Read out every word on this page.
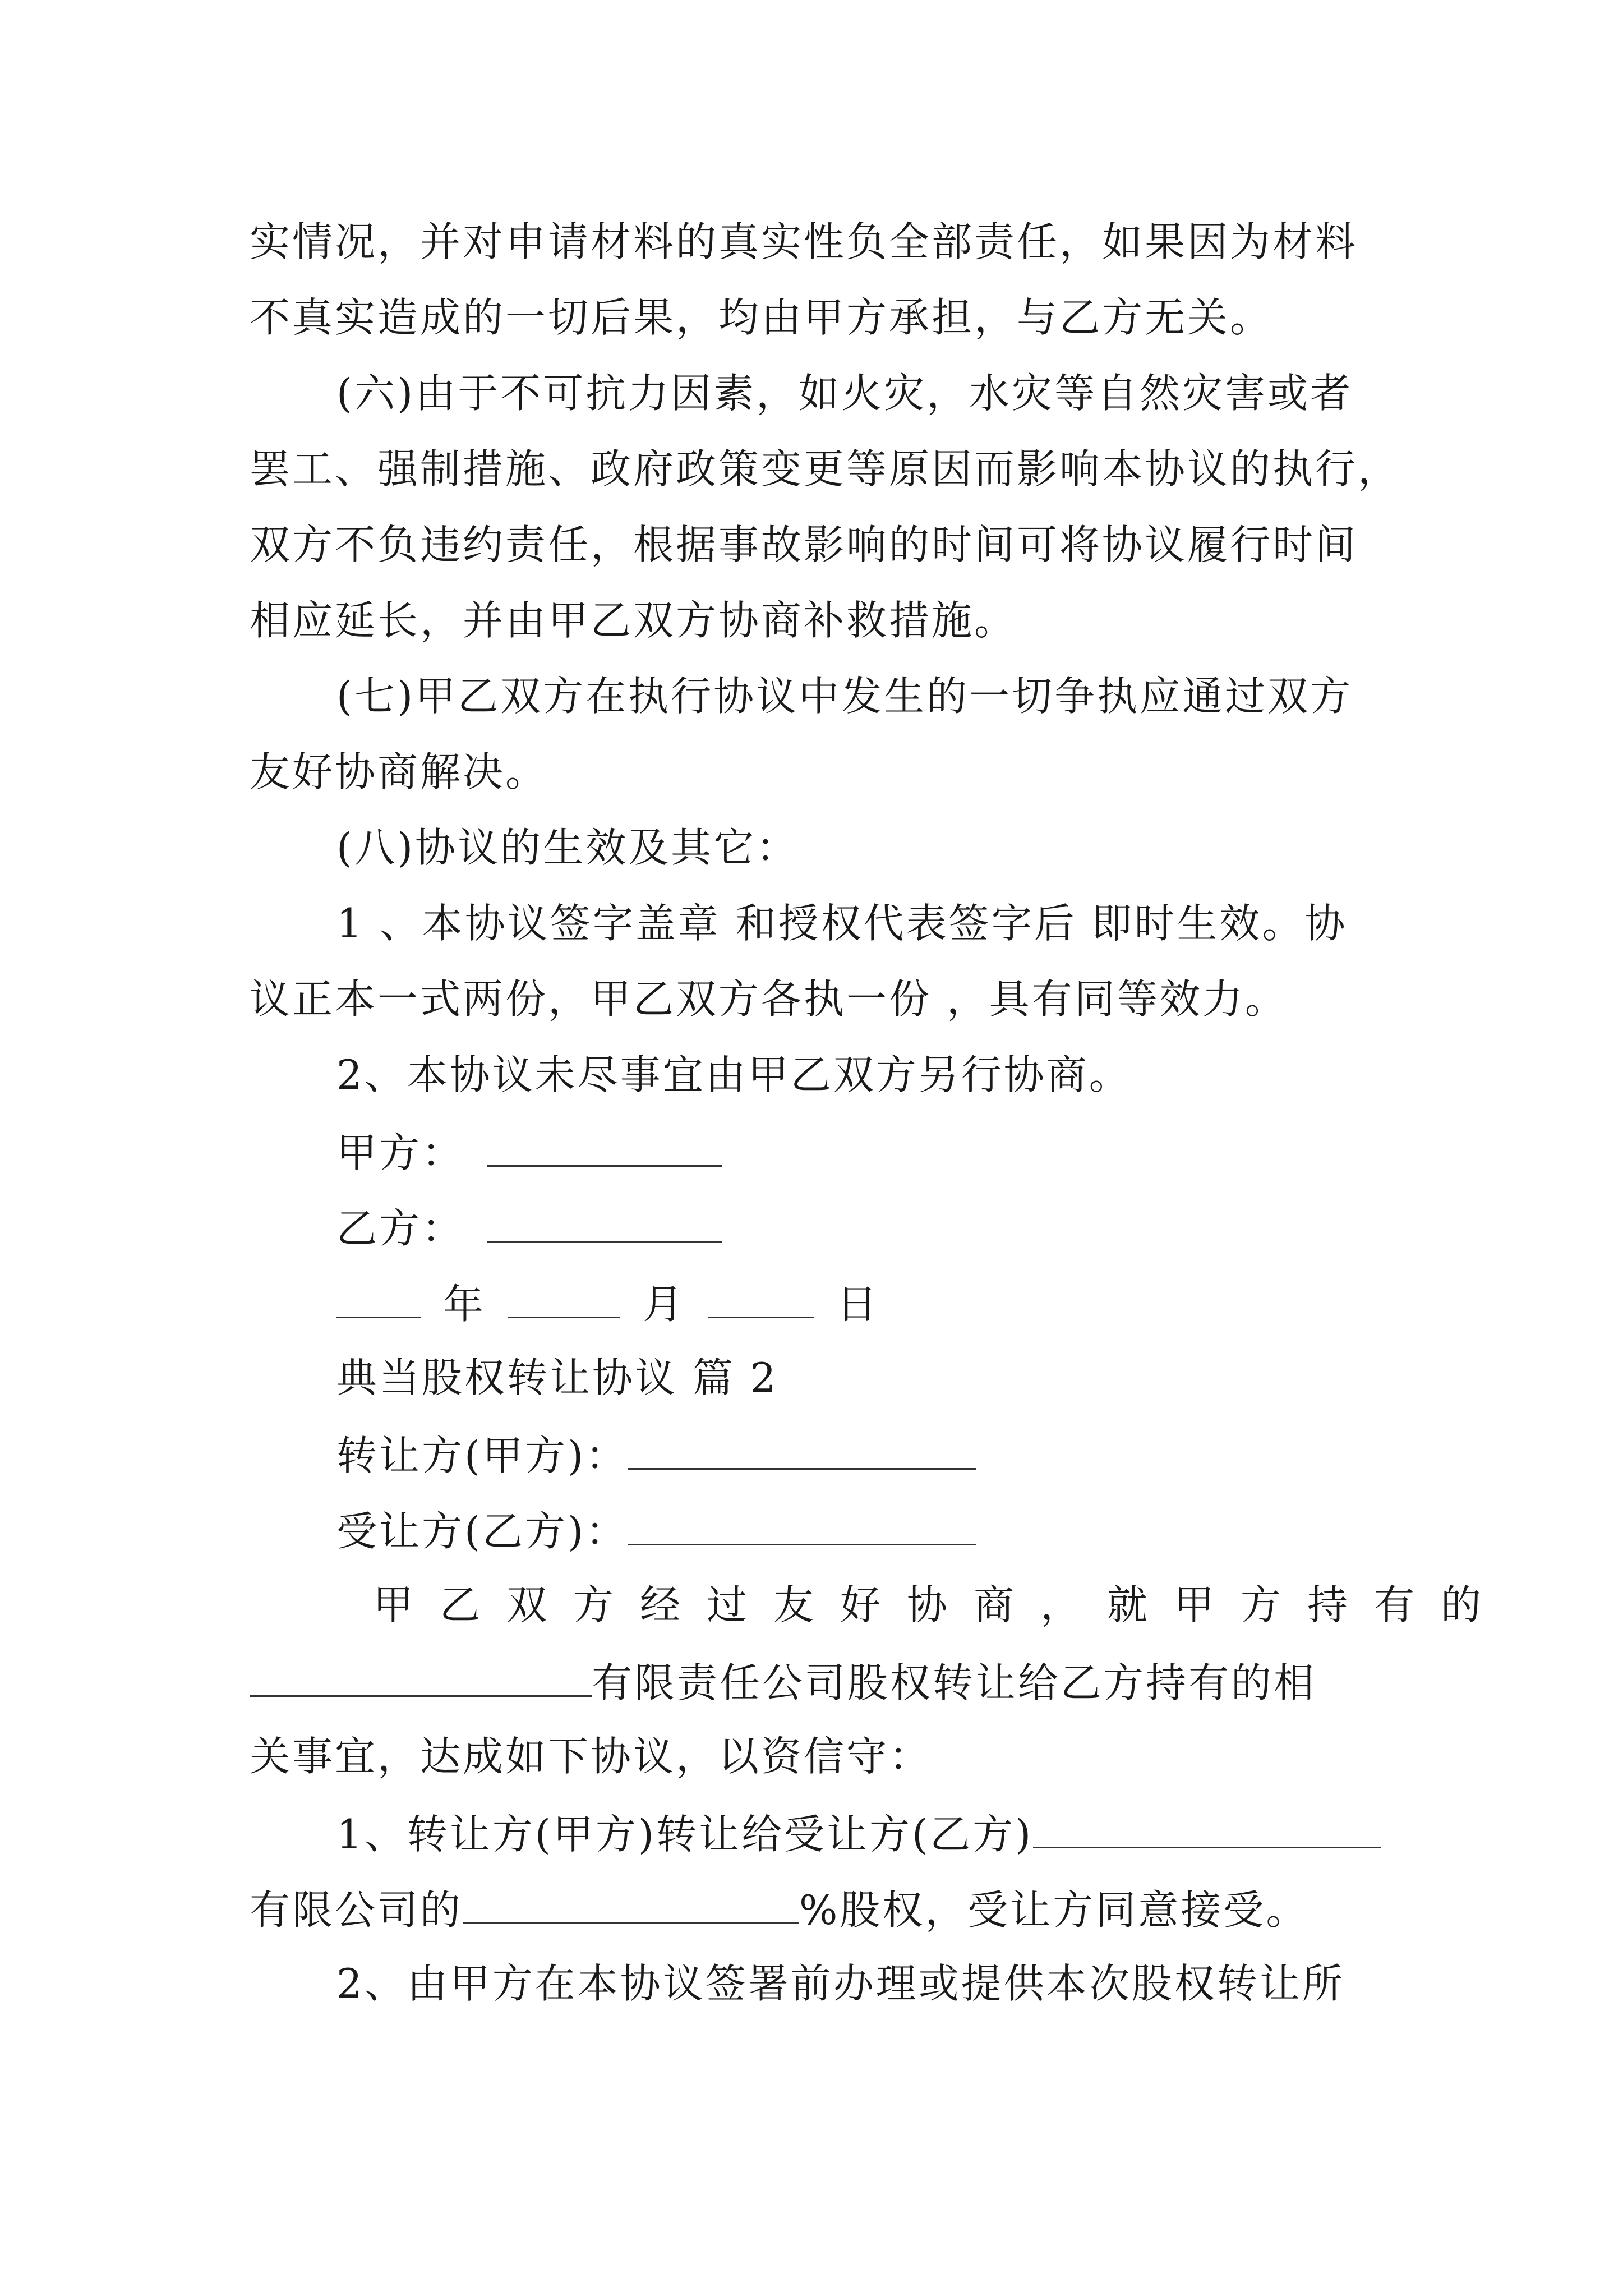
实情况，并对申请材料的真实性负全部责任，如果因为材料
不真实造成的一切后果，均由甲方承担，与乙方无关。
(六)由于不可抗力因素，如火灾，水灾等自然灾害或者
罢工、强制措施、政府政策变更等原因而影响本协议的执行，
双方不负违约责任，根据事故影响的时间可将协议履行时间
相应延长，并由甲乙双方协商补救措施。
(七)甲乙双方在执行协议中发生的一切争执应通过双方
友好协商解决。
(八)协议的生效及其它：
1 、本协议签字盖章 和授权代表签字后 即时生效。协
议正本一式两份，甲乙双方各执一份 ，具有同等效力。
2、本协议未尽事宜由甲乙双方另行协商。
甲方：
乙方：
年	月	日
典当股权转让协议 篇 2
转让方(甲方)：
受让方(乙方)：
甲乙双方经过友好协商，就甲方持有的
有限责任公司股权转让给乙方持有的相
关事宜，达成如下协议，以资信守：
1、转让方(甲方)转让给受让方(乙方)
有限公司的	%股权，受让方同意接受。
2、由甲方在本协议签署前办理或提供本次股权转让所
